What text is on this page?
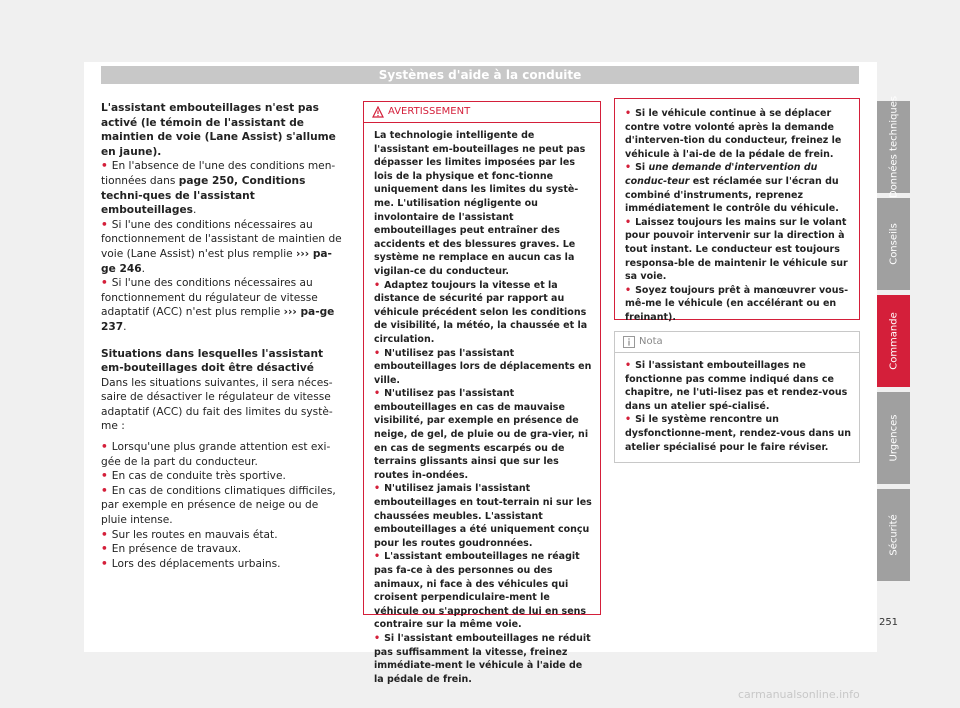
Systèmes d'aide à la conduite

L'assistant embouteillages n'est pas activé (le témoin de l'assistant de maintien de voie (Lane Assist) s'allume en jaune).

• En l'absence de l'une des conditions men-tionnées dans page 250, Conditions techni-ques de l'assistant embouteillages.

• Si l'une des conditions nécessaires au fonctionnement de l'assistant de maintien de voie (Lane Assist) n'est plus remplie ››› pa-ge 246.

• Si l'une des conditions nécessaires au fonctionnement du régulateur de vitesse adaptatif (ACC) n'est plus remplie ››› pa-ge 237.

Situations dans lesquelles l'assistant em-bouteillages doit être désactivé

Dans les situations suivantes, il sera néces-saire de désactiver le régulateur de vitesse adaptatif (ACC) du fait des limites du systè-me :

• Lorsqu'une plus grande attention est exi-gée de la part du conducteur.

• En cas de conduite très sportive.

• En cas de conditions climatiques difficiles, par exemple en présence de neige ou de pluie intense.

• Sur les routes en mauvais état.

• En présence de travaux.

• Lors des déplacements urbains.

AVERTISSEMENT

La technologie intelligente de l'assistant em-bouteillages ne peut pas dépasser les limites imposées par les lois de la physique et fonc-tionne uniquement dans les limites du systè-me. L'utilisation négligente ou involontaire de l'assistant embouteillages peut entraîner des accidents et des blessures graves. Le système ne remplace en aucun cas la vigilan-ce du conducteur.

• Adaptez toujours la vitesse et la distance de sécurité par rapport au véhicule précédent selon les conditions de visibilité, la météo, la chaussée et la circulation.

• N'utilisez pas l'assistant embouteillages lors de déplacements en ville.

• N'utilisez pas l'assistant embouteillages en cas de mauvaise visibilité, par exemple en présence de neige, de gel, de pluie ou de gra-vier, ni en cas de segments escarpés ou de terrains glissants ainsi que sur les routes in-ondées.

• N'utilisez jamais l'assistant embouteillages en tout-terrain ni sur les chaussées meubles. L'assistant embouteillages a été uniquement conçu pour les routes goudronnées.

• L'assistant embouteillages ne réagit pas fa-ce à des personnes ou des animaux, ni face à des véhicules qui croisent perpendiculaire-ment le véhicule ou s'approchent de lui en sens contraire sur la même voie.

• Si l'assistant embouteillages ne réduit pas suffisamment la vitesse, freinez immédiate-ment le véhicule à l'aide de la pédale de frein.

• Si le véhicule continue à se déplacer contre votre volonté après la demande d'interven-tion du conducteur, freinez le véhicule à l'ai-de de la pédale de frein.

• Si une demande d'intervention du conduc-teur est réclamée sur l'écran du combiné d'instruments, reprenez immédiatement le contrôle du véhicule.

• Laissez toujours les mains sur le volant pour pouvoir intervenir sur la direction à tout instant. Le conducteur est toujours responsa-ble de maintenir le véhicule sur sa voie.

• Soyez toujours prêt à manœuvrer vous-mê-me le véhicule (en accélérant ou en freinant).

Nota

• Si l'assistant embouteillages ne fonctionne pas comme indiqué dans ce chapitre, ne l'uti-lisez pas et rendez-vous dans un atelier spé-cialisé.

• Si le système rencontre un dysfonctionne-ment, rendez-vous dans un atelier spécialisé pour le faire réviser.

Données techniques
Conseils
Commande
Urgences
Sécurité
251
carmanualsonline.info
